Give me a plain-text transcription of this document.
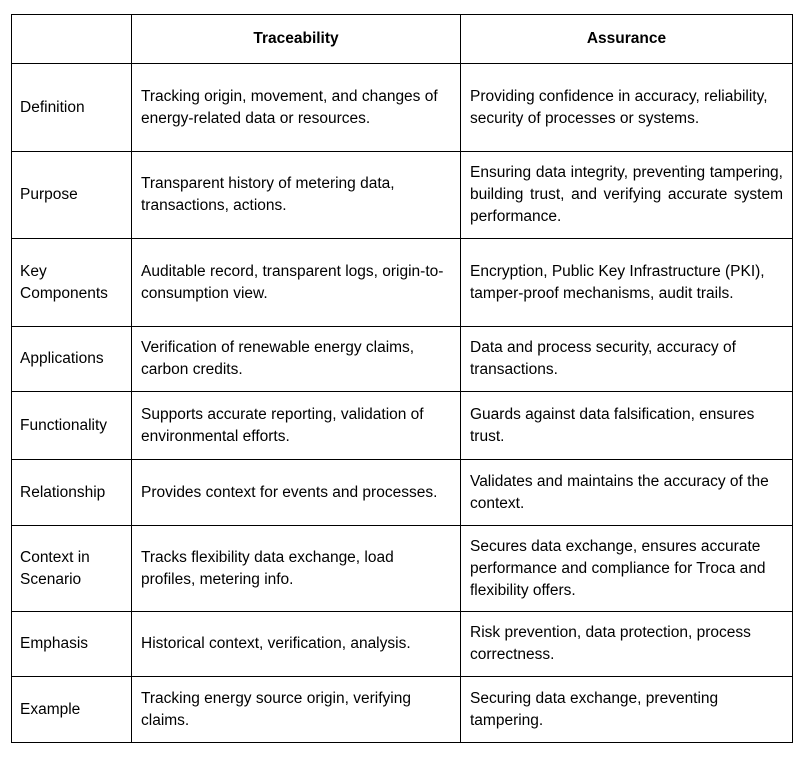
	Traceability	Assurance
Definition	Tracking origin, movement, and changes of energy-related data or resources.	Providing confidence in accuracy, reliability, security of processes or systems.
Purpose	Transparent history of metering data, transactions, actions.	Ensuring data integrity, preventing tampering, building trust, and verifying accurate system performance.
Key Components	Auditable record, transparent logs, origin-to-consumption view.	Encryption, Public Key Infrastructure (PKI), tamper-proof mechanisms, audit trails.
Applications	Verification of renewable energy claims, carbon credits.	Data and process security, accuracy of transactions.
Functionality	Supports accurate reporting, validation of environmental efforts.	Guards against data falsification, ensures trust.
Relationship	Provides context for events and processes.	Validates and maintains the accuracy of the context.
Context in Scenario	Tracks flexibility data exchange, load profiles, metering info.	Secures data exchange, ensures accurate performance and compliance for Troca and flexibility offers.
Emphasis	Historical context, verification, analysis.	Risk prevention, data protection, process correctness.
Example	Tracking energy source origin, verifying claims.	Securing data exchange, preventing tampering.
